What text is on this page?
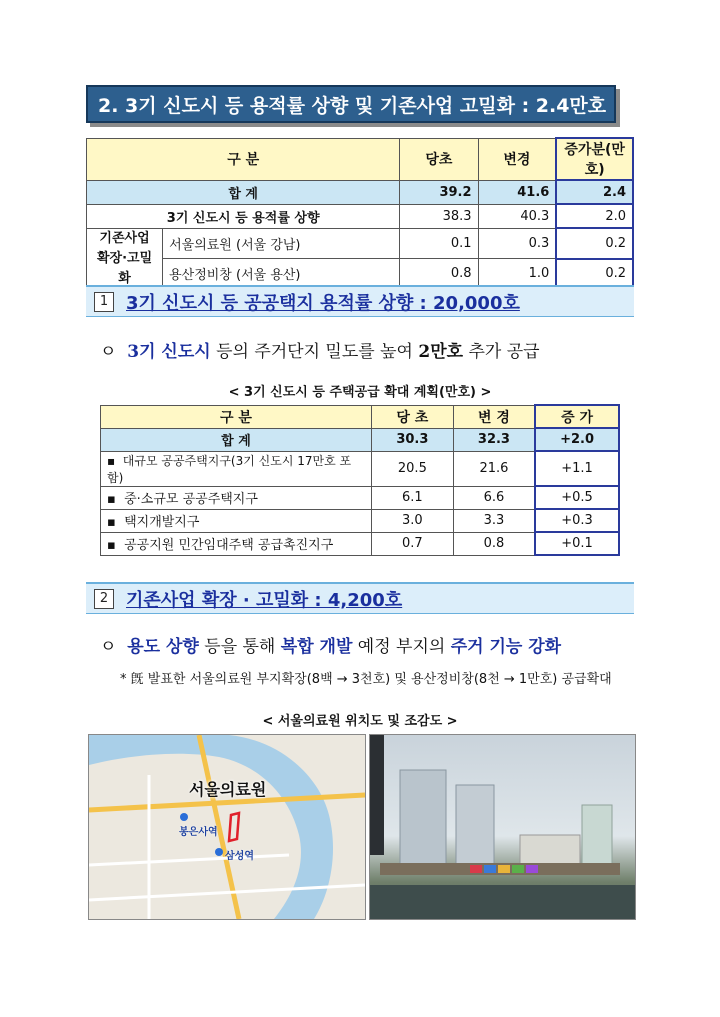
2. 3기 신도시 등 용적률 상향 및 기존사업 고밀화 : 2.4만호
구 분		당초	변경	증가분(만호)
합 계		39.2	41.6	2.4
3기 신도시 등 용적률 상향		38.3	40.3	2.0

기존사업
확장·고밀화	서울의료원 (서울 강남)	0.1	0.3	0.2
	용산정비창 (서울 용산)	0.8	1.0	0.2
1 3기 신도시 등 공공택지 용적률 상향 : 20,000호
ㅇ 3기 신도시 등의 주거단지 밀도를 높여 2만호 추가 공급
< 3기 신도시 등 주택공급 확대 계획(만호) >
구 분	당 초	변 경	증 가
합 계	30.3	32.3	+2.0
▪  대규모 공공주택지구(3기 신도시 17만호 포함)	20.5	21.6	+1.1
▪  중·소규모 공공주택지구	6.1	6.6	+0.5
▪  택지개발지구	3.0	3.3	+0.3
▪  공공지원 민간임대주택 공급촉진지구	0.7	0.8	+0.1
2 기존사업 확장 · 고밀화 : 4,200호
ㅇ 용도 상향 등을 통해 복합 개발 예정 부지의 주거 기능 강화
* 旣 발표한 서울의료원 부지확장(8백 → 3천호) 및 용산정비창(8천 → 1만호) 공급확대
< 서울의료원 위치도 및 조감도 >
서울의료원
봉은사역
삼성역
